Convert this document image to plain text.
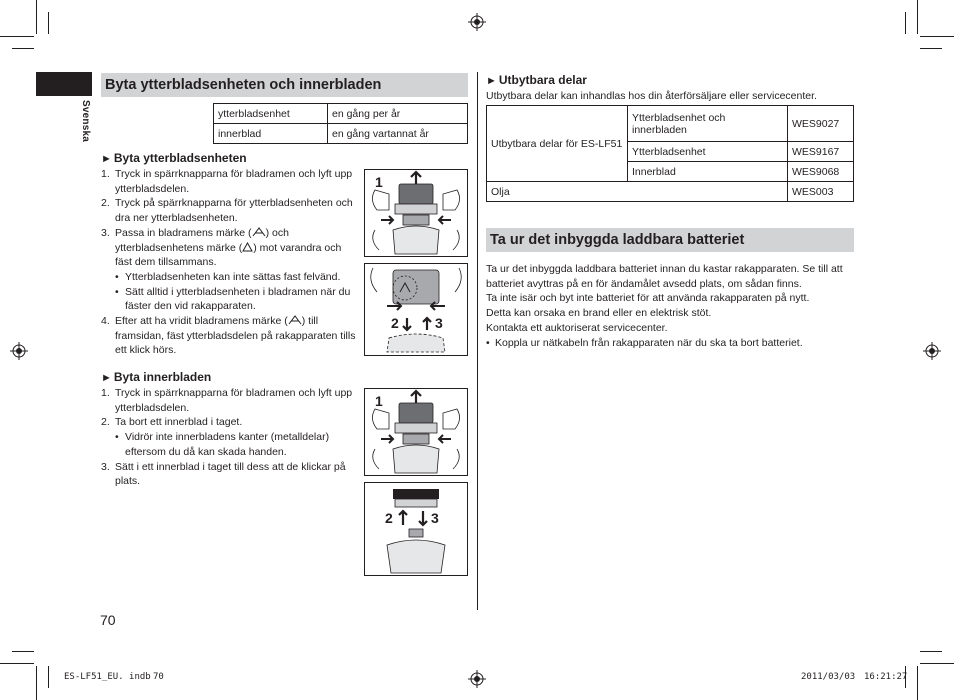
Svenska
Byta ytterbladsenheten och innerbladen
ytterbladsenhet	en gång per år
innerblad	en gång vartannat år
► Byta ytterbladsenheten
1. Tryck in spärrknapparna för bladramen och lyft upp ytterbladsdelen.
2. Tryck på spärrknapparna för ytterbladsenheten och dra ner ytterbladsenheten.
3. Passa in bladramens märke ( ) och ytterbladsenhetens märke ( ) mot varandra och fäst dem tillsammans.
• Ytterbladsenheten kan inte sättas fast felvänd.
• Sätt alltid i ytterbladsenheten i bladramen när du fäster den vid rakapparaten.
4. Efter att ha vridit bladramens märke ( ) till framsidan, fäst ytterbladsdelen på rakapparaten tills ett klick hörs.
► Byta innerbladen
1. Tryck in spärrknapparna för bladramen och lyft upp ytterbladsdelen.
2. Ta bort ett innerblad i taget.
• Vidrör inte innerbladens kanter (metalldelar) eftersom du då kan skada handen.
3. Sätt i ett innerblad i taget till dess att de klickar på plats.
1
2	3
1
2	3
► Utbytbara delar
Utbytbara delar kan inhandlas hos din återförsäljare eller servicecenter.
Utbytbara delar för ES-LF51	Ytterbladsenhet och innerbladen	WES9027
	Ytterbladsenhet	WES9167
	Innerblad	WES9068
Olja		WES003
Ta ur det inbyggda laddbara batteriet
Ta ur det inbyggda laddbara batteriet innan du kastar rakapparaten. Se till att batteriet avyttras på en för ändamålet avsedd plats, om sådan finns.
Ta inte isär och byt inte batteriet för att använda rakapparaten på nytt.
Detta kan orsaka en brand eller en elektrisk stöt.
Kontakta ett auktoriserat servicecenter.
• Koppla ur nätkabeln från rakapparaten när du ska ta bort batteriet.
70
ES-LF51_EU. indb 70	2011/03/03 16:21:27
